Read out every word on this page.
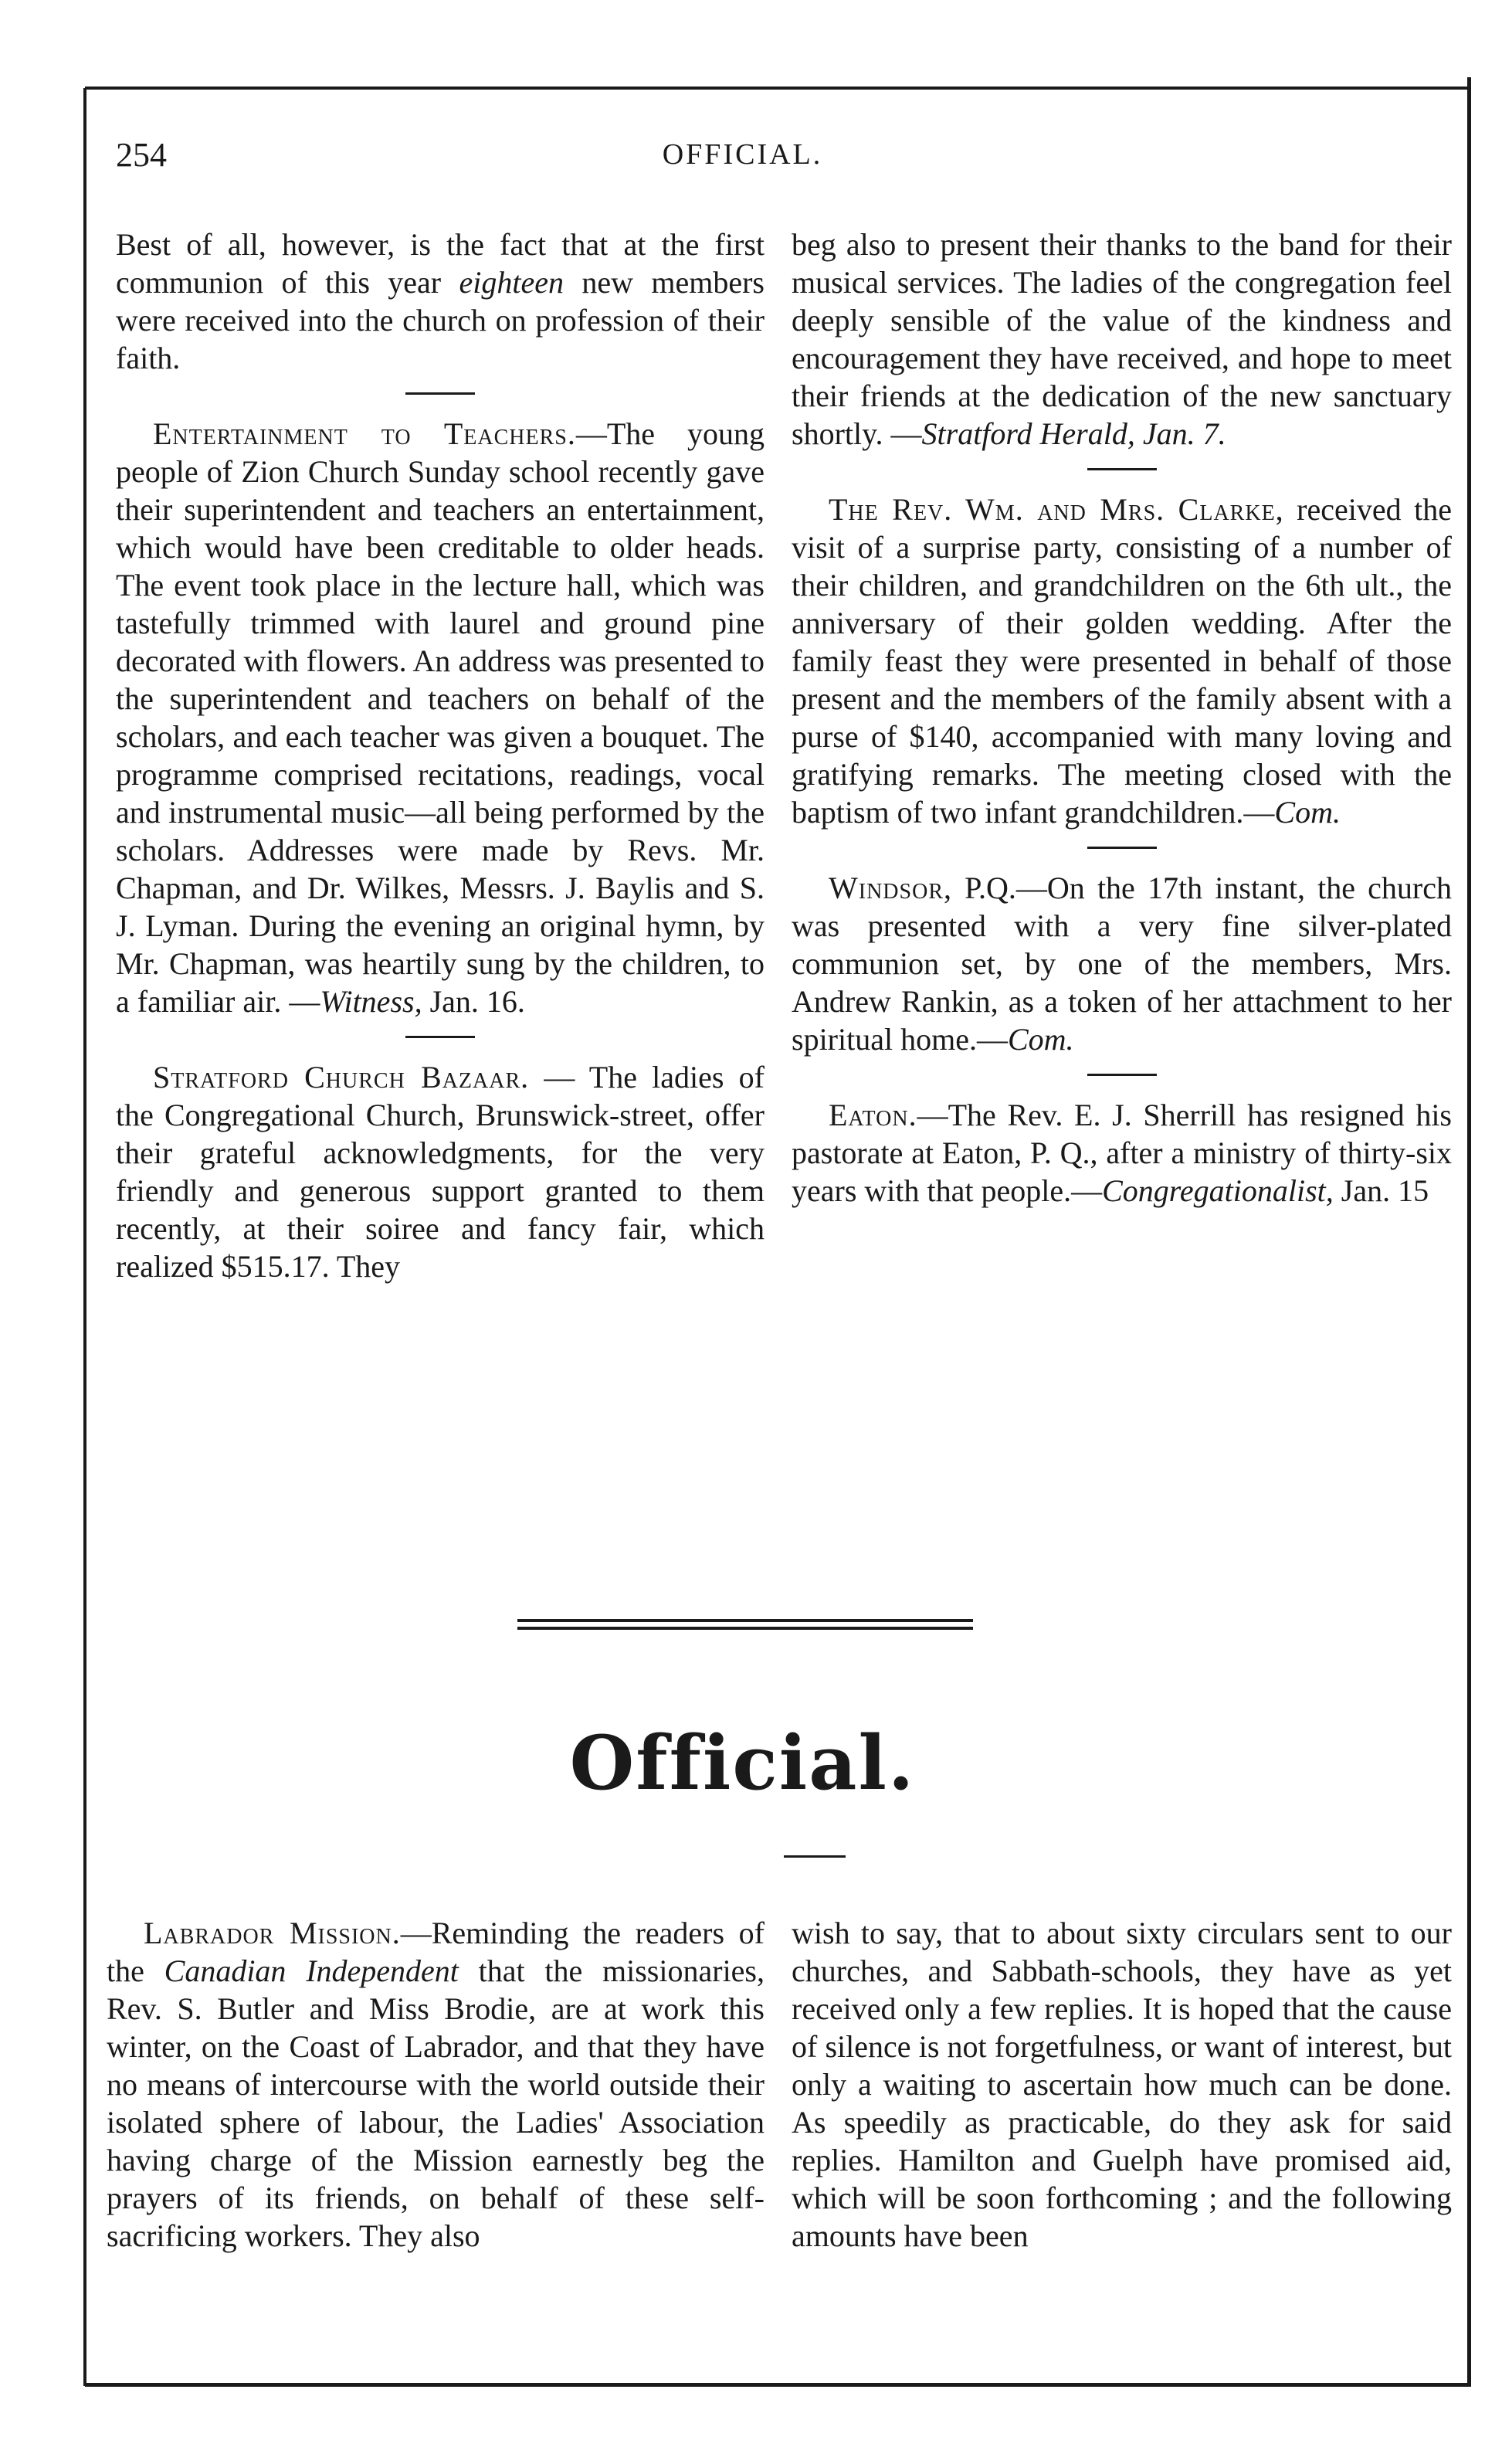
254	OFFICIAL.

Best of all, however, is the fact that at the first communion of this year eighteen new members were received into the church on profession of their faith.

Entertainment to Teachers.—The young people of Zion Church Sunday school recently gave their superintendent and teachers an entertainment, which would have been creditable to older heads. The event took place in the lecture hall, which was tastefully trimmed with laurel and ground pine decorated with flowers. An address was presented to the superintendent and teachers on behalf of the scholars, and each teacher was given a bouquet. The programme comprised recitations, readings, vocal and instrumental music—all being performed by the scholars. Addresses were made by Revs. Mr. Chapman, and Dr. Wilkes, Messrs. J. Baylis and S. J. Lyman. During the evening an original hymn, by Mr. Chapman, was heartily sung by the children, to a familiar air. —Witness, Jan. 16.

Stratford Church Bazaar. — The ladies of the Congregational Church, Brunswick-street, offer their grateful acknowledgments, for the very friendly and generous support granted to them recently, at their soiree and fancy fair, which realized $515.17. They

beg also to present their thanks to the band for their musical services. The ladies of the congregation feel deeply sensible of the value of the kindness and encouragement they have received, and hope to meet their friends at the dedication of the new sanctuary shortly. —Stratford Herald, Jan. 7.

The Rev. Wm. and Mrs. Clarke, received the visit of a surprise party, consisting of a number of their children, and grandchildren on the 6th ult., the anniversary of their golden wedding. After the family feast they were presented in behalf of those present and the members of the family absent with a purse of $140, accompanied with many loving and gratifying remarks. The meeting closed with the baptism of two infant grandchildren.—Com.

Windsor, P.Q.—On the 17th instant, the church was presented with a very fine silver-plated communion set, by one of the members, Mrs. Andrew Rankin, as a token of her attachment to her spiritual home.—Com.

Eaton.—The Rev. E. J. Sherrill has resigned his pastorate at Eaton, P. Q., after a ministry of thirty-six years with that people.—Congregationalist, Jan. 15

Official.

Labrador Mission.—Reminding the readers of the Canadian Independent that the missionaries, Rev. S. Butler and Miss Brodie, are at work this winter, on the Coast of Labrador, and that they have no means of intercourse with the world outside their isolated sphere of labour, the Ladies' Association having charge of the Mission earnestly beg the prayers of its friends, on behalf of these self-sacrificing workers. They also

wish to say, that to about sixty circulars sent to our churches, and Sabbath-schools, they have as yet received only a few replies. It is hoped that the cause of silence is not forgetfulness, or want of interest, but only a waiting to ascertain how much can be done. As speedily as practicable, do they ask for said replies. Hamilton and Guelph have promised aid, which will be soon forthcoming ; and the following amounts have been
